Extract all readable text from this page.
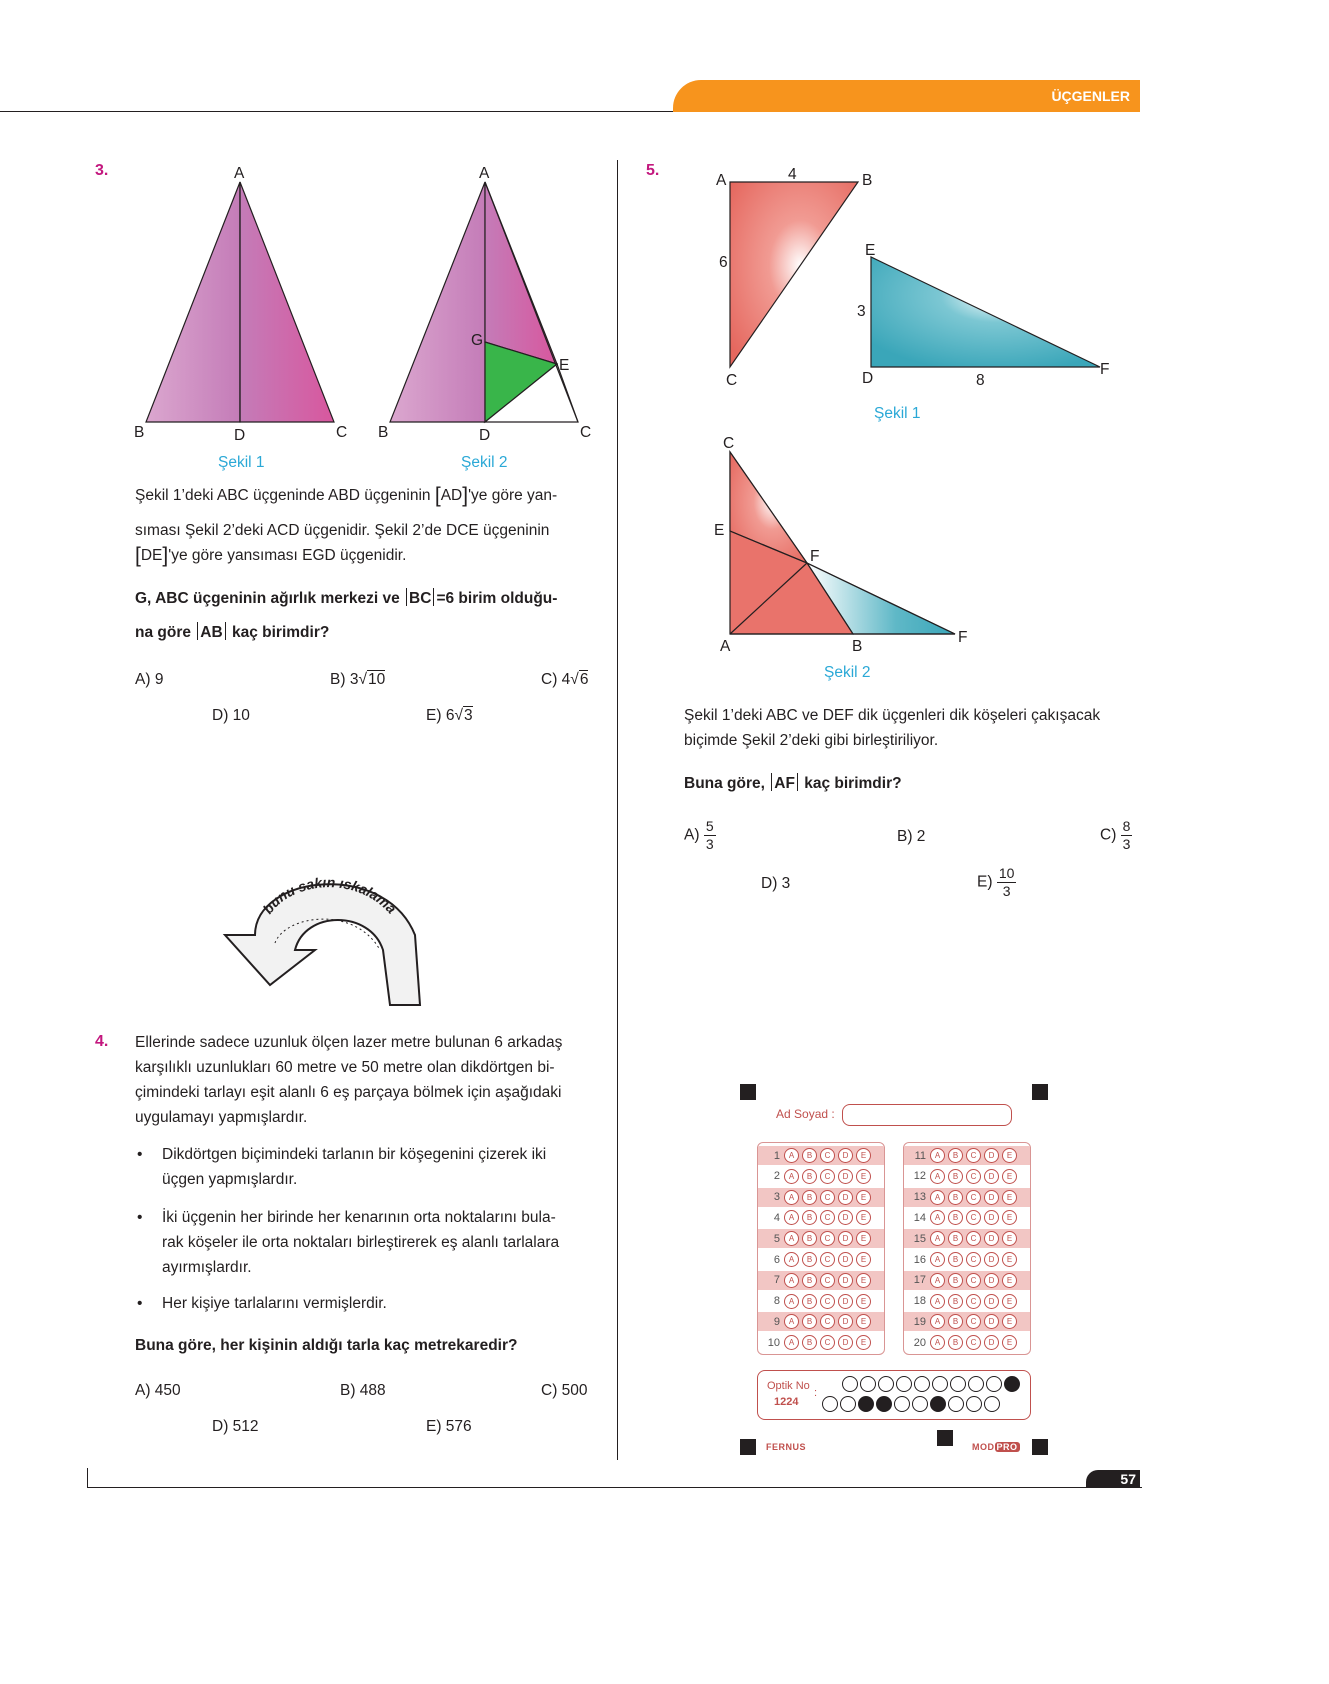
ÜÇGENLER
3.	A
B	D	C
Şekil 1
A
B	D	C
G
E
Şekil 2
Şekil 1’deki ABC üçgeninde ABD üçgeninin [AD]'ye göre yan-
sıması Şekil 2’deki ACD üçgenidir. Şekil 2’de DCE üçgeninin
[DE]'ye göre yansıması EGD üçgenidir.
G, ABC üçgeninin ağırlık merkezi ve BC =6 birim olduğu-
na göre AB kaç birimdir?
A) 9	B) 3√10	C) 4√6
D) 10	E) 6√3
bunu sakın ıskalama
4. Ellerinde sadece uzunluk ölçen lazer metre bulunan 6 arkadaş
karşılıklı uzunlukları 60 metre ve 50 metre olan dikdörtgen bi-
çimindeki tarlayı eşit alanlı 6 eş parçaya bölmek için aşağıdaki
uygulamayı yapmışlardır.
• Dikdörtgen biçimindeki tarlanın bir köşegenini çizerek iki
üçgen yapmışlardır.
• İki üçgenin her birinde her kenarının orta noktalarını bula-
rak köşeler ile orta noktaları birleştirerek eş alanlı tarlalara
ayırmışlardır.
• Her kişiye tarlalarını vermişlerdir.
Buna göre, her kişinin aldığı tarla kaç metrekaredir?
A) 450	B) 488	C) 500
D) 512	E) 576
5.
A	4	B
6
C
E
3
D	8
F
Şekil 1
C
E
F
A	B
F
Şekil 2
Şekil 1’deki ABC ve DEF dik üçgenleri dik köşeleri çakışacak
biçimde Şekil 2’deki gibi birleştiriliyor.
Buna göre, AF kaç birimdir?
$A) \frac{5}{3}$	B) 2	$C) \frac{8}{3}$
D) 3	$E) \frac{10}{3}$
Ad Soyad :
1	A	B	C	D	E
2	A	B	C	D	E
3	A	B	C	D	E
4	A	B	C	D	E
5	A	B	C	D	E
6	A	B	C	D	E
7	A	B	C	D	E
8	A	B	C	D	E
9	A	B	C	D	E
10	A	B	C	D	E
11	A	B	C	D	E
12	A	B	C	D	E
13	A	B	C	D	E
14	A	B	C	D	E
15	A	B	C	D	E
16	A	B	C	D	E
17	A	B	C	D	E
18	A	B	C	D	E
19	A	B	C	D	E
20	A	B	C	D	E
Optik No
1224
:
FERNUS	MOD PRO
57
